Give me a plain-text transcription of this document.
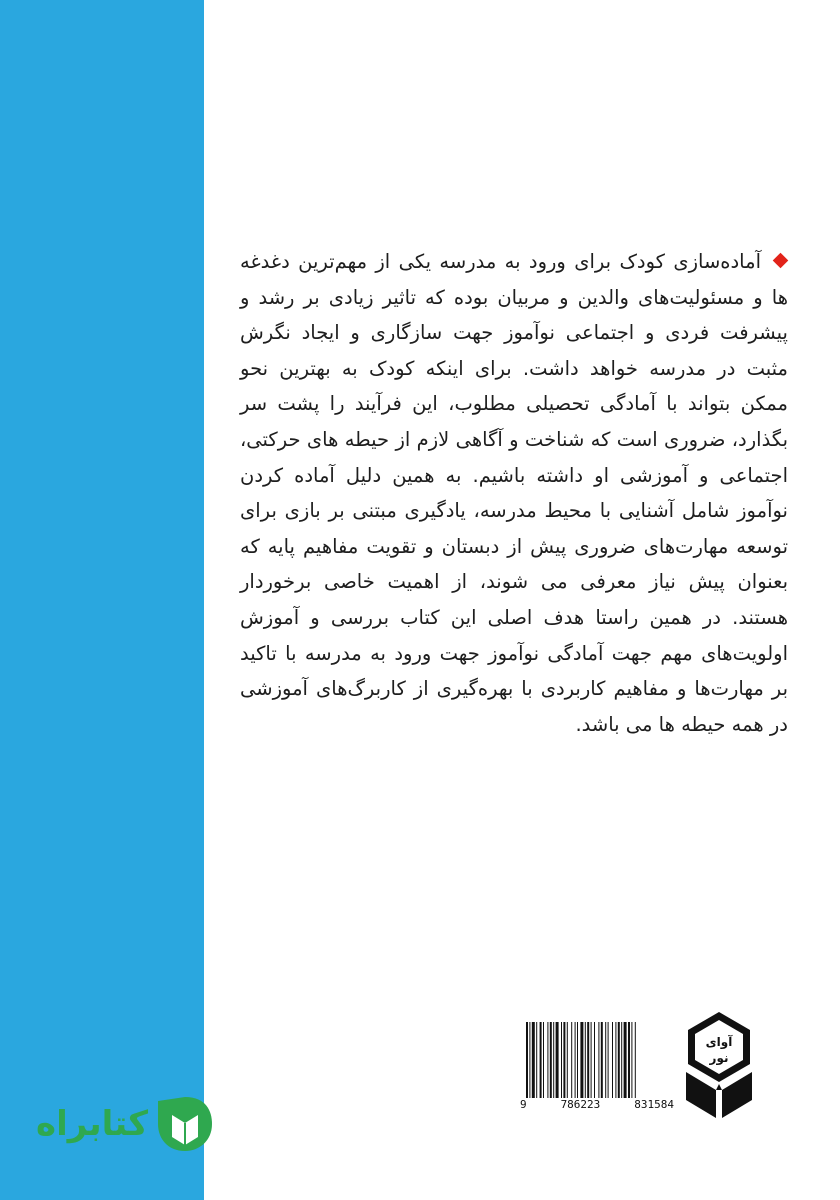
آماده‌سازی کودک برای ورود به مدرسه یکی از مهم‌ترین دغدغه ها و مسئولیت‌های والدین و مربیان بوده که تاثیر زیادی بر رشد و پیشرفت فردی و اجتماعی نوآموز جهت سازگاری و ایجاد نگرش مثبت در مدرسه خواهد داشت. برای اینکه کودک به بهترین نحو ممکن بتواند با آمادگی تحصیلی مطلوب، این فرآیند را پشت سر بگذارد، ضروری است که شناخت و آگاهی لازم از حیطه های حرکتی، اجتماعی و آموزشی او داشته باشیم. به همین دلیل آماده کردن نوآموز شامل آشنایی با محیط مدرسه، یادگیری مبتنی بر بازی برای توسعه مهارت‌های ضروری پیش از دبستان و تقویت مفاهیم پایه که بعنوان پیش نیاز معرفی می شوند، از اهمیت خاصی برخوردار هستند. در همین راستا هدف اصلی این کتاب بررسی و آموزش اولویت‌های مهم جهت آمادگی نوآموز جهت ورود به مدرسه با تاکید بر مهارت‌ها و مفاهیم کاربردی با بهره‌گیری از کاربرگ‌های آموزشی در همه حیطه ها می باشد.
9	786223	831584
آوای
نور
کتابراه
